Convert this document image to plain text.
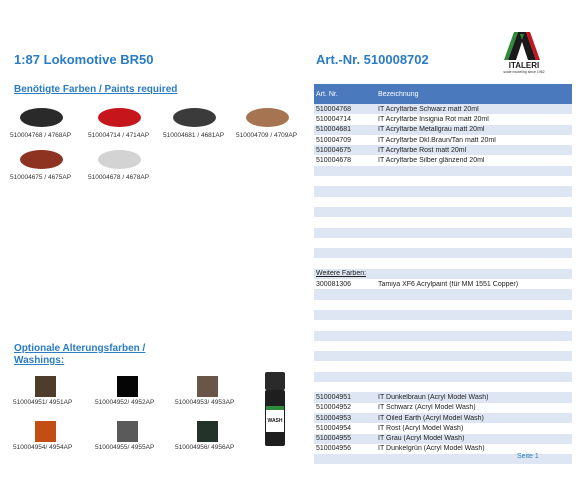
1:87 Lokomotive BR50	Art.-Nr. 510008702	ITALERI
scale modeling since 1962
Benötigte Farben / Paints required
510004768 / 4768AP	510004714 / 4714AP 510004681 / 4681AP 510004709 / 4709AP
510004675 / 4675AP	510004678 / 4678AP
Optionale Alterungsfarben / Washings:
510004951/ 4951AP	510004952/ 4952AP	510004953/ 4953AP
510004954/ 4954AP	510004955/ 4955AP	510004956/ 4956AP
WASH
Art. Nr.	Bezeichnung
510004768	IT Acrylfarbe Schwarz matt 20ml
510004714	IT Acrylfarbe Insignia Rot matt 20ml
510004681	IT Acrylfarbe Metallgrau matt 20ml
510004709	IT Acrylfarbe Dkl.Braun/Tan matt 20ml
510004675	IT Acrylfarbe Rost matt 20ml
510004678	IT Acrylfarbe Silber glänzend 20ml
Weitere Farben:
300081306	Tamiya XF6 Acrylpaint (für MM 1551 Copper)
510004951	IT Dunkelbraun (Acryl Model Wash)
510004952	IT Schwarz (Acryl Model Wash)
510004953	IT Oiled Earth (Acryl Model Wash)
510004954	IT Rost (Acryl Model Wash)
510004955	IT Grau (Acryl Model Wash)
510004956	IT Dunkelgrün (Acryl Model Wash)
Seite 1
